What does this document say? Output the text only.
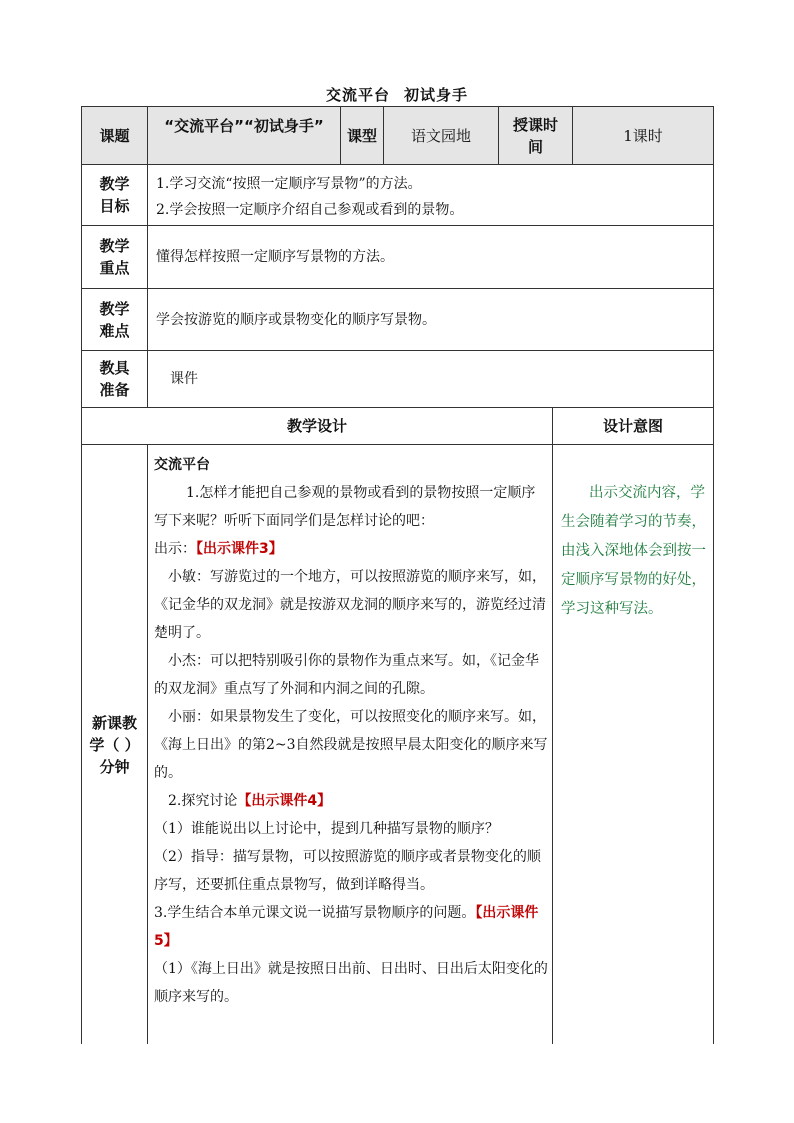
交流平台 初试身手
课题
“交流平台”“初试身手”
课型	语文园地
授课时间
1课时
教学目标
1.学习交流“按照一定顺序写景物”的方法。
2.学会按照一定顺序介绍自己参观或看到的景物。
教学重点
懂得怎样按照一定顺序写景物的方法。
教学难点
学会按游览的顺序或景物变化的顺序写景物。
教具准备
课件
教学设计	设计意图
新课教学（ ）分钟

交流平台

1.怎样才能把自己参观的景物或看到的景物按照一定顺序写下来呢？听听下面同学们是怎样讨论的吧：

出示：【出示课件3】

小敏：写游览过的一个地方，可以按照游览的顺序来写，如，《记金华的双龙洞》就是按游双龙洞的顺序来写的，游览经过清楚明了。

小杰：可以把特别吸引你的景物作为重点来写。如，《记金华的双龙洞》重点写了外洞和内洞之间的孔隙。

小丽：如果景物发生了变化，可以按照变化的顺序来写。如，《海上日出》的第2~3自然段就是按照早晨太阳变化的顺序来写的。

2.探究讨论【出示课件4】

（1）谁能说出以上讨论中，提到几种描写景物的顺序？

（2）指导：描写景物，可以按照游览的顺序或者景物变化的顺序写，还要抓住重点景物写，做到详略得当。

3.学生结合本单元课文说一说描写景物顺序的问题。【出示课件5】

（1）《海上日出》就是按照日出前、日出时、日出后太阳变化的顺序来写的。

出示交流内容，学生会随着学习的节奏，由浅入深地体会到按一定顺序写景物的好处，学习这种写法。
